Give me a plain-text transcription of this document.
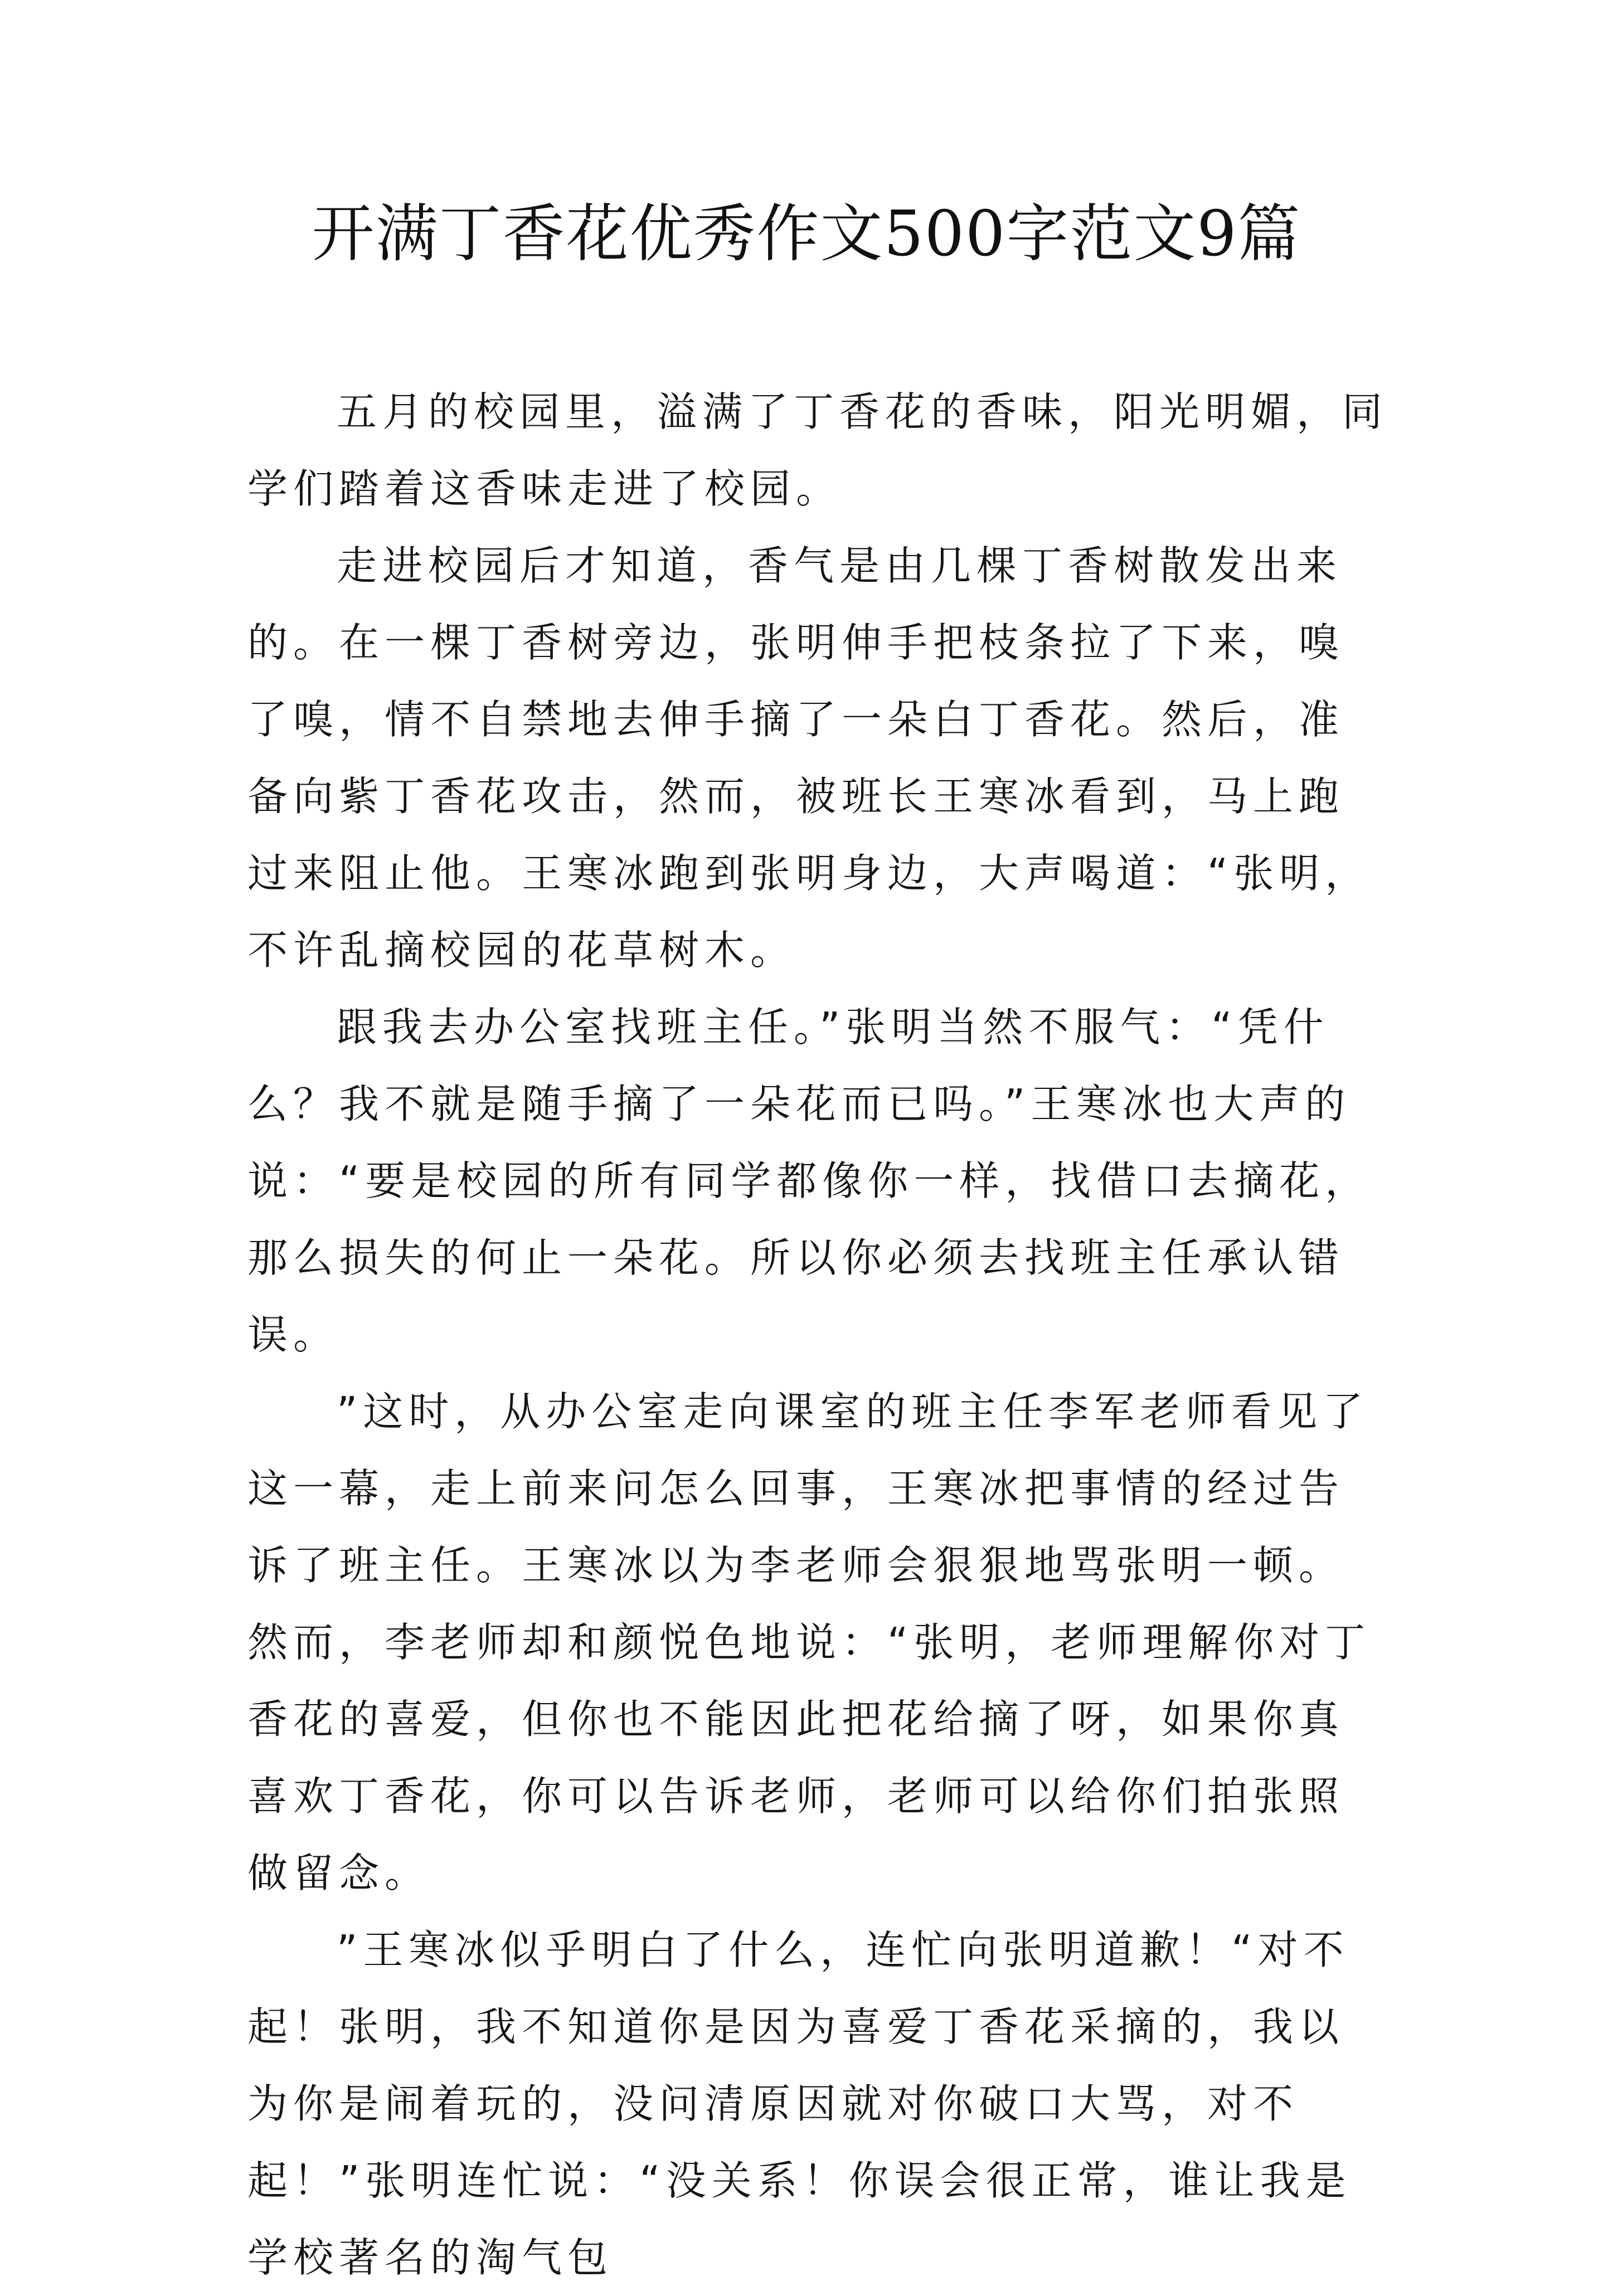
开满丁香花优秀作文500字范文9篇

五月的校园里，溢满了丁香花的香味，阳光明媚，同学们踏着这香味走进了校园。

走进校园后才知道，香气是由几棵丁香树散发出来的。在一棵丁香树旁边，张明伸手把枝条拉了下来，嗅了嗅，情不自禁地去伸手摘了一朵白丁香花。然后，准备向紫丁香花攻击，然而，被班长王寒冰看到，马上跑过来阻止他。王寒冰跑到张明身边，大声喝道：“张明，不许乱摘校园的花草树木。

跟我去办公室找班主任。”张明当然不服气：“凭什么？我不就是随手摘了一朵花而已吗。”王寒冰也大声的说：“要是校园的所有同学都像你一样，找借口去摘花，那么损失的何止一朵花。所以你必须去找班主任承认错误。

”这时，从办公室走向课室的班主任李军老师看见了这一幕，走上前来问怎么回事，王寒冰把事情的经过告诉了班主任。王寒冰以为李老师会狠狠地骂张明一顿。然而，李老师却和颜悦色地说：“张明，老师理解你对丁香花的喜爱，但你也不能因此把花给摘了呀，如果你真喜欢丁香花，你可以告诉老师，老师可以给你们拍张照做留念。

”王寒冰似乎明白了什么，连忙向张明道歉！“对不起！张明，我不知道你是因为喜爱丁香花采摘的，我以为你是闹着玩的，没问清原因就对你破口大骂，对不起！”张明连忙说：“没关系！你误会很正常，谁让我是学校著名的淘气包
